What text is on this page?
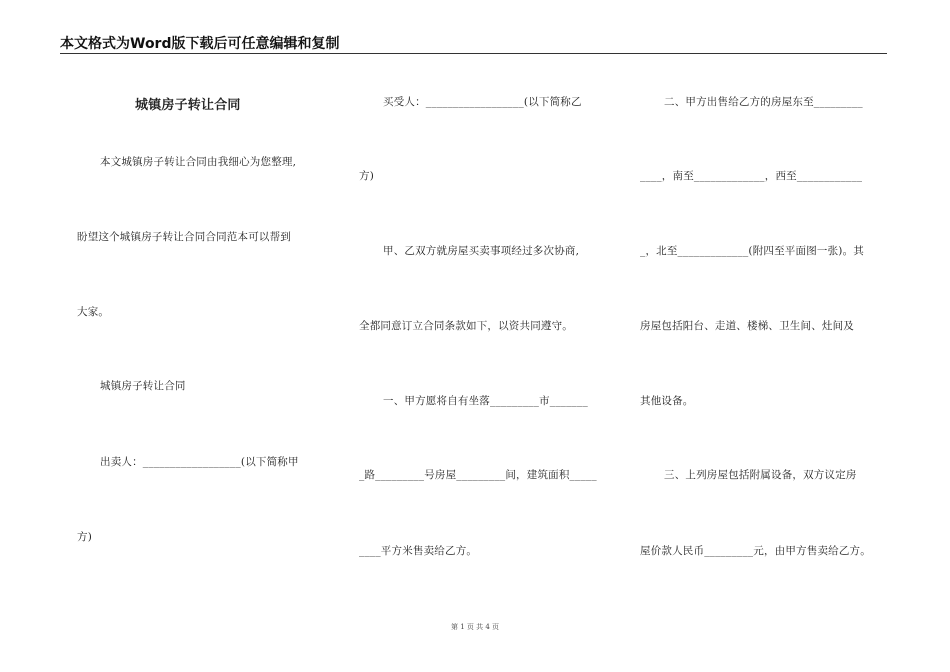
本文格式为Word版下载后可任意编辑和复制
城镇房子转让合同
本文城镇房子转让合同由我细心为您整理,
盼望这个城镇房子转让合同合同范本可以帮到
大家。
城镇房子转让合同
出卖人：__________________(以下简称甲
方)
买受人：__________________(以下简称乙
方)
甲、乙双方就房屋买卖事项经过多次协商,
全都同意订立合同条款如下，以资共同遵守。
一、甲方愿将自有坐落_________市_______
_路_________号房屋_________间，建筑面积_____
____平方米售卖给乙方。
二、甲方出售给乙方的房屋东至_________
____，南至_____________，西至____________
_，北至_____________(附四至平面图一张)。其
房屋包括阳台、走道、楼梯、卫生间、灶间及
其他设备。
三、上列房屋包括附属设备，双方议定房
屋价款人民币_________元，由甲方售卖给乙方。
第 1 页 共 4 页
